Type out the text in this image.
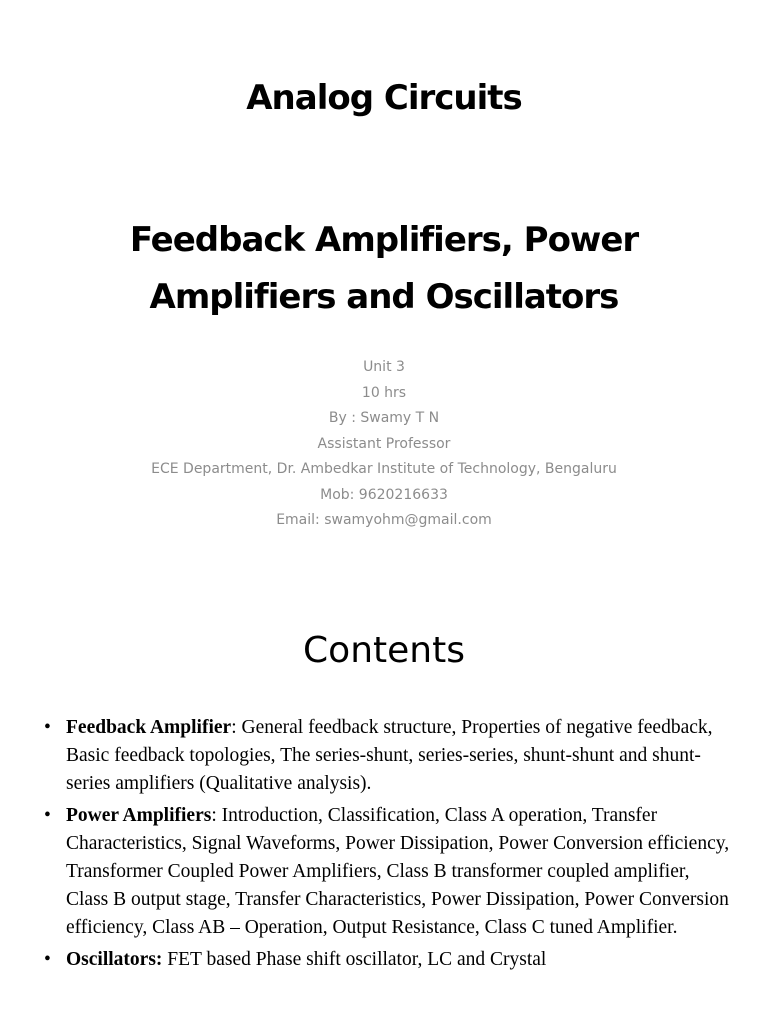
Analog Circuits
Feedback Amplifiers, Power
Amplifiers and Oscillators
Unit 3
10 hrs
By : Swamy T N
Assistant Professor
ECE Department, Dr. Ambedkar Institute of Technology, Bengaluru
Mob: 9620216633
Email: swamyohm@gmail.com
Contents
• Feedback Amplifier: General feedback structure, Properties of negative feedback, Basic feedback topologies, The series-shunt, series-series, shunt-shunt and shunt-series amplifiers (Qualitative analysis).
• Power Amplifiers: Introduction, Classification, Class A operation, Transfer Characteristics, Signal Waveforms, Power Dissipation, Power Conversion efficiency, Transformer Coupled Power Amplifiers, Class B transformer coupled amplifier, Class B output stage, Transfer Characteristics, Power Dissipation, Power Conversion efficiency, Class AB – Operation, Output Resistance, Class C tuned Amplifier.
• Oscillators: FET based Phase shift oscillator, LC and Crystal
